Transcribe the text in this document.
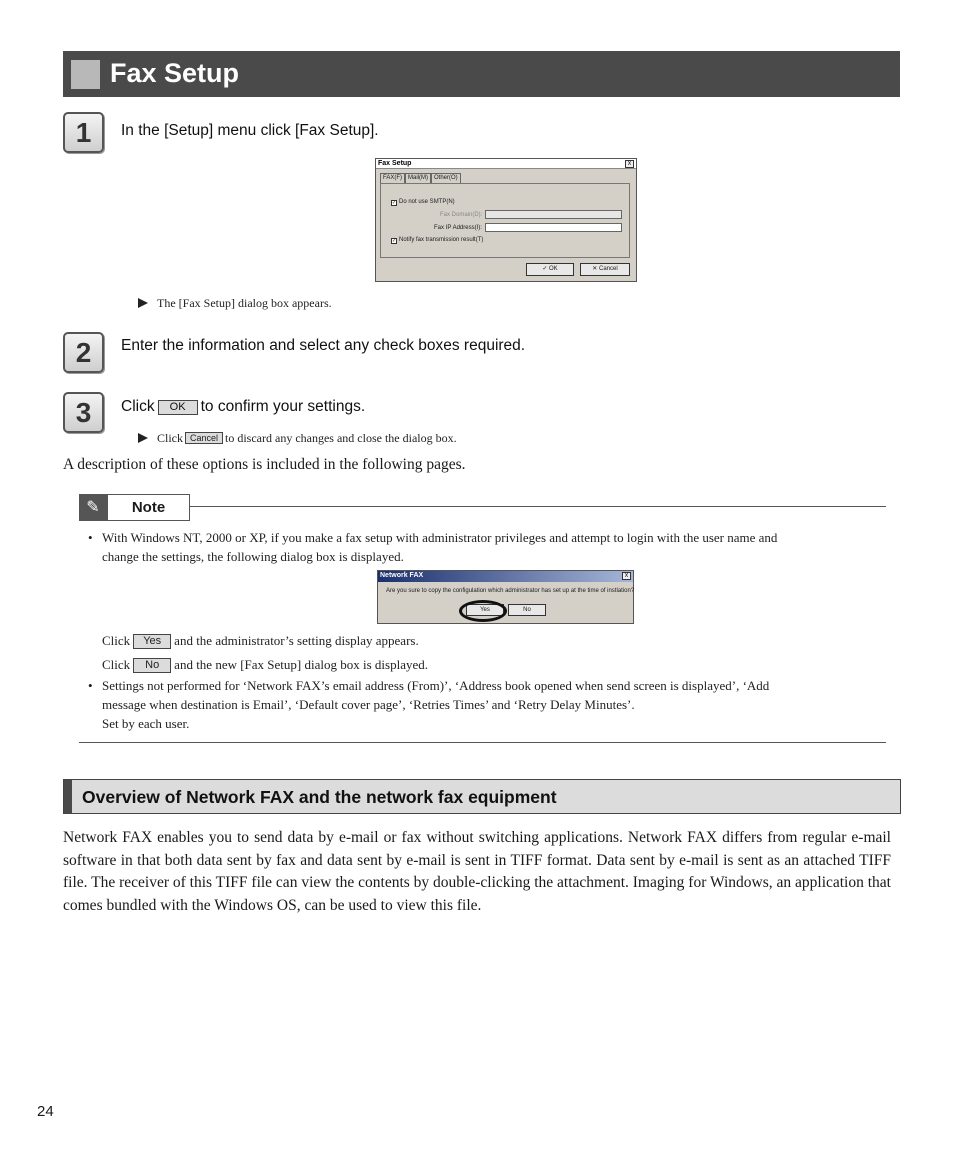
Fax Setup
1	In the [Setup] menu click [Fax Setup].
Fax Setup	x
FAX(F) Mail(M) Other(O)
✓ Do not use SMTP(N)
Fax Domain(D):
Fax IP Address(I):
✓ Notify fax transmission result(T)
✓ OK	✕ Cancel
The [Fax Setup] dialog box appears.
2	Enter the information and select any check boxes required.
3	Click OK to confirm your settings.
Click Cancel to discard any changes and close the dialog box.
A description of these options is included in the following pages.
✎	Note
• With Windows NT, 2000 or XP, if you make a fax setup with administrator privileges and attempt to login with the user name and
change the settings, the following dialog box is displayed.
Network FAX	x
Are you sure to copy the configulation which administrator has set up at the time of instlation?
Yes	No
Click Yes and the administrator’s setting display appears.
Click No and the new [Fax Setup] dialog box is displayed.
• Settings not performed for ‘Network FAX’s email address (From)’, ‘Address book opened when send screen is displayed’, ‘Add
message when destination is Email’, ‘Default cover page’, ‘Retries Times’ and ‘Retry Delay Minutes’.
Set by each user.
Overview of Network FAX and the network fax equipment
Network FAX enables you to send data by e-mail or fax without switching applications. Network FAX differs from regular e-mail software in that both data sent by fax and data sent by e-mail is sent in TIFF format. Data sent by e-mail is sent as an attached TIFF file. The receiver of this TIFF file can view the contents by double-clicking the attachment. Imaging for Windows, an application that comes bundled with the Windows OS, can be used to view this file.
24
